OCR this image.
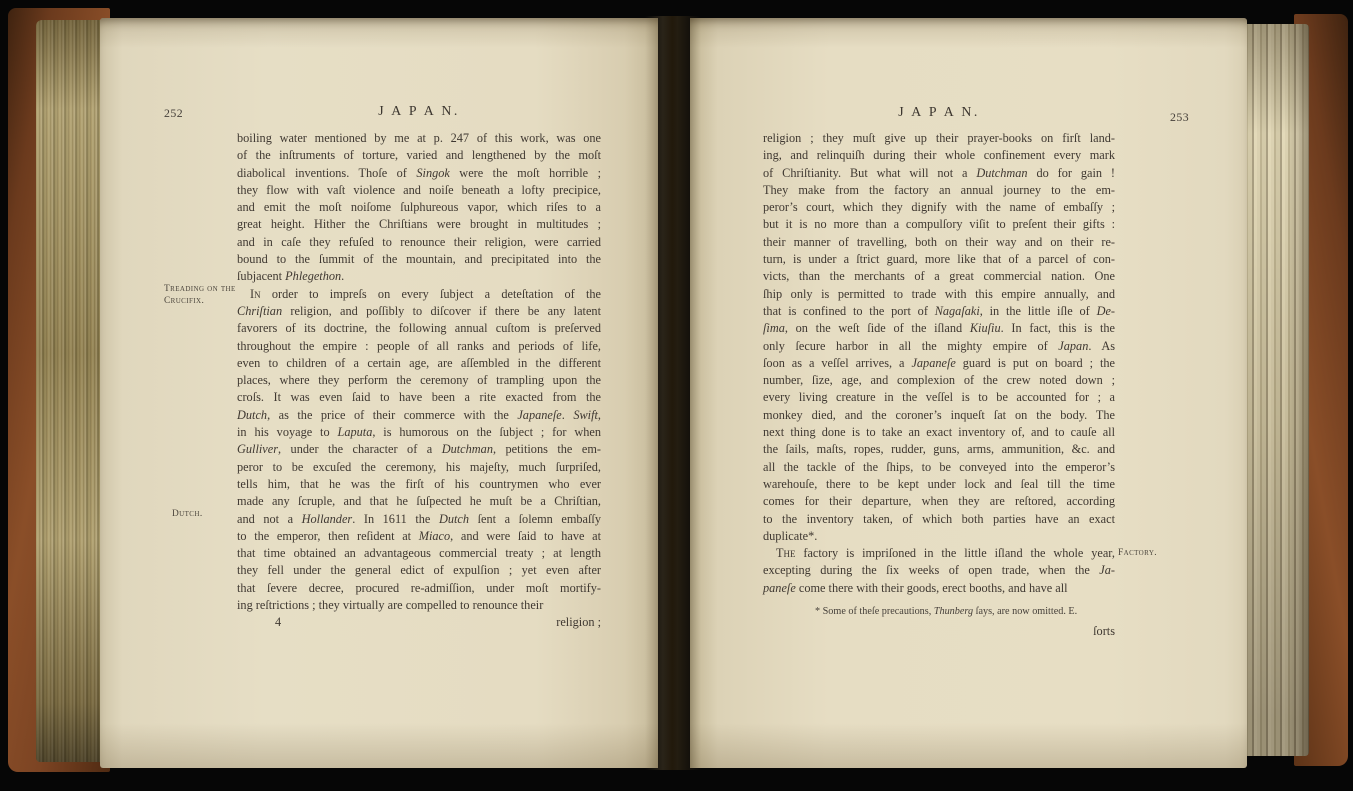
252	J A P A N.
Treading on the Crucifix.
Dutch.
boiling water mentioned by me at p. 247 of this work, was one
of the inſtruments of torture, varied and lengthened by the moſt
diabolical inventions. Thoſe of Singok were the moſt horrible ;
they flow with vaſt violence and noiſe beneath a lofty precipice,
and emit the moſt noiſome ſulphureous vapor, which riſes to a
great height. Hither the Chriſtians were brought in multitudes ;
and in caſe they refuſed to renounce their religion, were carried
bound to the ſummit of the mountain, and precipitated into the
ſubjacent Phlegethon.
In order to impreſs on every ſubject a deteſtation of the
Chriſtian religion, and poſſibly to diſcover if there be any latent
favorers of its doctrine, the following annual cuſtom is preſerved
throughout the empire : people of all ranks and periods of life,
even to children of a certain age, are aſſembled in the different
places, where they perform the ceremony of trampling upon the
croſs. It was even ſaid to have been a rite exacted from the
Dutch, as the price of their commerce with the Japaneſe. Swift,
in his voyage to Laputa, is humorous on the ſubject ; for when
Gulliver, under the character of a Dutchman, petitions the em-
peror to be excuſed the ceremony, his majeſty, much ſurpriſed,
tells him, that he was the firſt of his countrymen who ever
made any ſcruple, and that he ſuſpected he muſt be a Chriſtian,
and not a Hollander. In 1611 the Dutch ſent a ſolemn embaſſy
to the emperor, then reſident at Miaco, and were ſaid to have at
that time obtained an advantageous commercial treaty ; at length
they fell under the general edict of expulſion ; yet even after
that ſevere decree, procured re-admiſſion, under moſt mortify-
ing reſtrictions ; they virtually are compelled to renounce their
4	religion ;
J A P A N.	253
Factory.
religion ; they muſt give up their prayer-books on firſt land-
ing, and relinquiſh during their whole confinement every mark
of Chriſtianity. But what will not a Dutchman do for gain !
They make from the factory an annual journey to the em-
peror’s court, which they dignify with the name of embaſſy ;
but it is no more than a compulſory viſit to preſent their gifts :
their manner of travelling, both on their way and on their re-
turn, is under a ſtrict guard, more like that of a parcel of con-
victs, than the merchants of a great commercial nation. One
ſhip only is permitted to trade with this empire annually, and
that is confined to the port of Nagaſaki, in the little iſle of De-
ſima, on the weſt ſide of the iſland Kiuſiu. In fact, this is the
only ſecure harbor in all the mighty empire of Japan. As
ſoon as a veſſel arrives, a Japaneſe guard is put on board ; the
number, ſize, age, and complexion of the crew noted down ;
every living creature in the veſſel is to be accounted for ; a
monkey died, and the coroner’s inqueſt ſat on the body. The
next thing done is to take an exact inventory of, and to cauſe all
the ſails, maſts, ropes, rudder, guns, arms, ammunition, &c. and
all the tackle of the ſhips, to be conveyed into the emperor’s
warehouſe, there to be kept under lock and ſeal till the time
comes for their departure, when they are reſtored, according
to the inventory taken, of which both parties have an exact
duplicate*.
The factory is impriſoned in the little iſland the whole year,
excepting during the ſix weeks of open trade, when the Ja-
paneſe come there with their goods, erect booths, and have all
* Some of theſe precautions, Thunberg ſays, are now omitted. E.
ſorts
